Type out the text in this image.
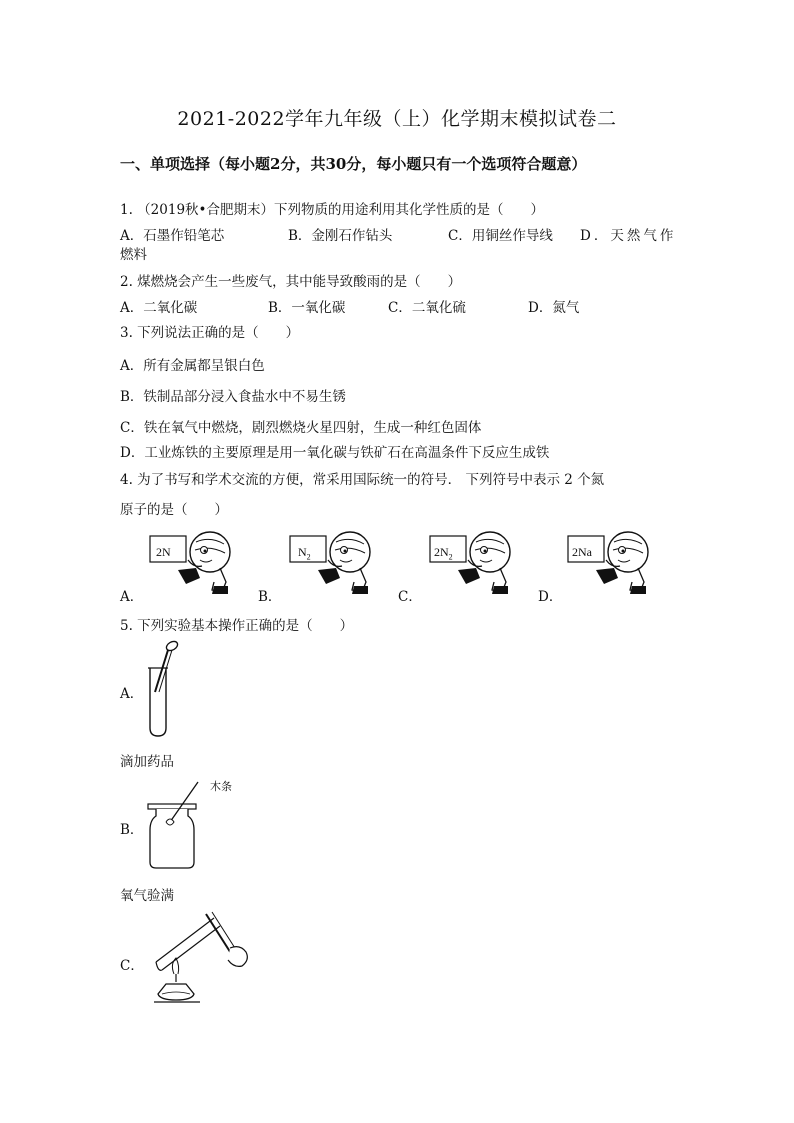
2021-2022学年九年级（上）化学期末模拟试卷二
一、单项选择（每小题2分，共30分，每小题只有一个选项符合题意）
1. （2019秋•合肥期末）下列物质的用途利用其化学性质的是（　　）
A．石墨作铅笔芯	B．金刚石作钻头	C．用铜丝作导线 D．天然气作
燃料
2. 煤燃烧会产生一些废气，其中能导致酸雨的是（　　）
A．二氧化碳	B．一氧化碳	C．二氧化硫	D．氮气
3. 下列说法正确的是（　　）
A．所有金属都呈银白色
B．铁制品部分浸入食盐水中不易生锈
C．铁在氧气中燃烧，剧烈燃烧火星四射，生成一种红色固体
D．工业炼铁的主要原理是用一氧化碳与铁矿石在高温条件下反应生成铁
4. 为了书写和学术交流的方便，常采用国际统一的符号． 下列符号中表示 2 个氮
原子的是（　　）
2N	$N_2$	$2N_2$	2Na
A．	B．	C．	D．
5. 下列实验基本操作正确的是（　　）
A．
滴加药品
B．
木条
氧气验满
C．
